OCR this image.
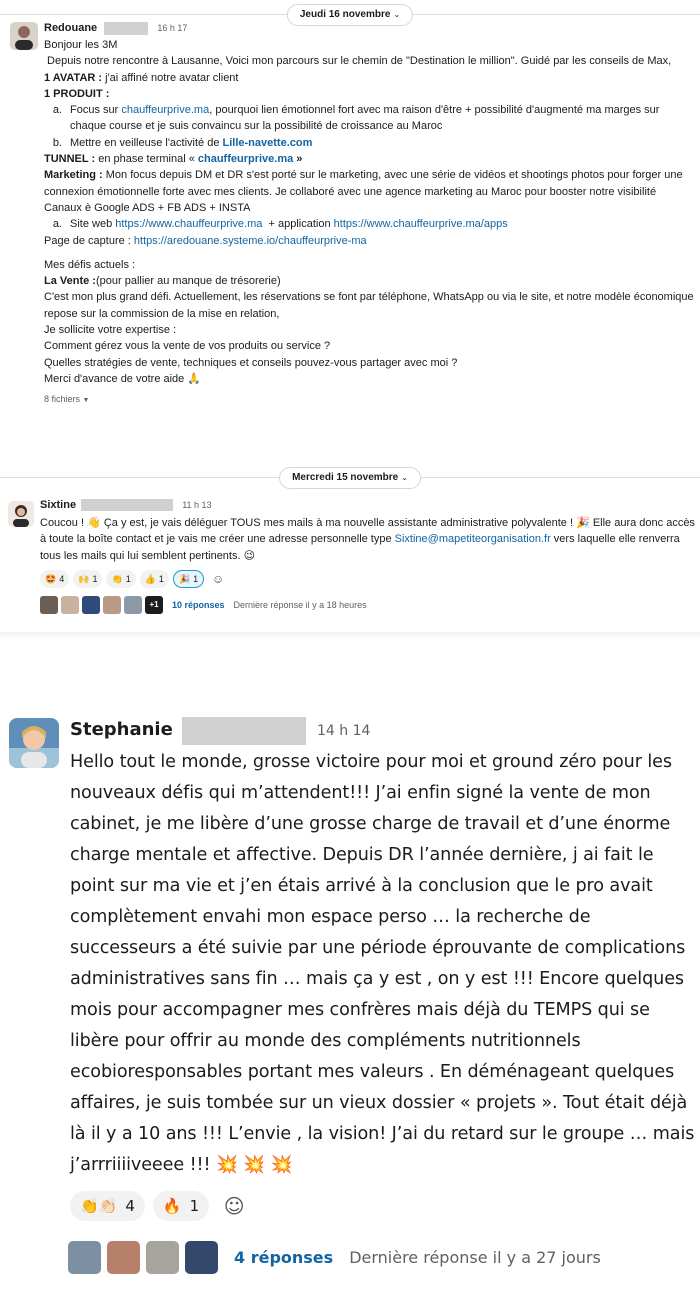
Jeudi 16 novembre ⌄
Redouane	16 h 17
Bonjour les 3M
Depuis notre rencontre à Lausanne, Voici mon parcours sur le chemin de "Destination le million". Guidé par les conseils de Max,
1 AVATAR : j'ai affiné notre avatar client
1 PRODUIT :
a. Focus sur chauffeurprive.ma, pourquoi lien émotionnel fort avec ma raison d'être + possibilité d'augmenté ma marges sur chaque course et je suis convaincu sur la possibilité de croissance au Maroc
b. Mettre en veilleuse l'activité de Lille-navette.com
TUNNEL : en phase terminal « chauffeurprive.ma »
Marketing : Mon focus depuis DM et DR s'est porté sur le marketing, avec une série de vidéos et shootings photos pour forger une connexion émotionnelle forte avec mes clients. Je collaboré avec une agence marketing au Maroc pour booster notre visibilité
Canaux è Google ADS + FB ADS + INSTA
a. Site web https://www.chauffeurprive.ma  + application https://www.chauffeurprive.ma/apps
Page de capture : https://aredouane.systeme.io/chauffeurprive-ma
Mes défis actuels :
La Vente :(pour pallier au manque de trésorerie)
C'est mon plus grand défi. Actuellement, les réservations se font par téléphone, WhatsApp ou via le site, et notre modèle économique repose sur la commission de la mise en relation,
Je sollicite votre expertise :
Comment gérez vous la vente de vos produits ou service ?
Quelles stratégies de vente, techniques et conseils pouvez-vous partager avec moi ?
Merci d'avance de votre aide 🙏
8 fichiers ▼
Mercredi 15 novembre ⌄
Sixtine	11 h 13
Coucou ! 👋 Ça y est, je vais déléguer TOUS mes mails à ma nouvelle assistante administrative polyvalente ! 🎉 Elle aura donc accès à toute la boîte contact et je vais me créer une adresse personnelle type Sixtine@mapetiteorganisation.fr vers laquelle elle renverra tous les mails qui lui semblent pertinents. 😉
🤩 4 🙌 1 👏 1 👍 1 🎉 1	☺︎
+1	10 réponses Dernière réponse il y a 18 heures
Stephanie	14 h 14
Hello tout le monde, grosse victoire pour moi et ground zéro pour les nouveaux défis qui m’attendent!!! J’ai enfin signé la vente de mon cabinet, je me libère d’une grosse charge de travail et d’une énorme charge mentale et affective. Depuis DR l’année dernière, j ai fait le point sur ma vie et j’en étais arrivé à la conclusion que le pro avait complètement envahi mon espace perso … la recherche de successeurs a été suivie par une période éprouvante de complications administratives sans fin … mais ça y est , on y est !!! Encore quelques mois pour accompagner mes confrères mais déjà du TEMPS qui se libère pour offrir au monde des compléments nutritionnels ecobioresponsables portant mes valeurs . En déménageant quelques affaires, je suis tombée sur un vieux dossier « projets ». Tout était déjà là il y a 10 ans !!! L’envie , la vision! J’ai du retard sur le groupe … mais j’arrriiiiveeee !!! 💥 💥 💥
👏👏🏻 4 🔥 1	☺︎
4 réponses Dernière réponse il y a 27 jours
